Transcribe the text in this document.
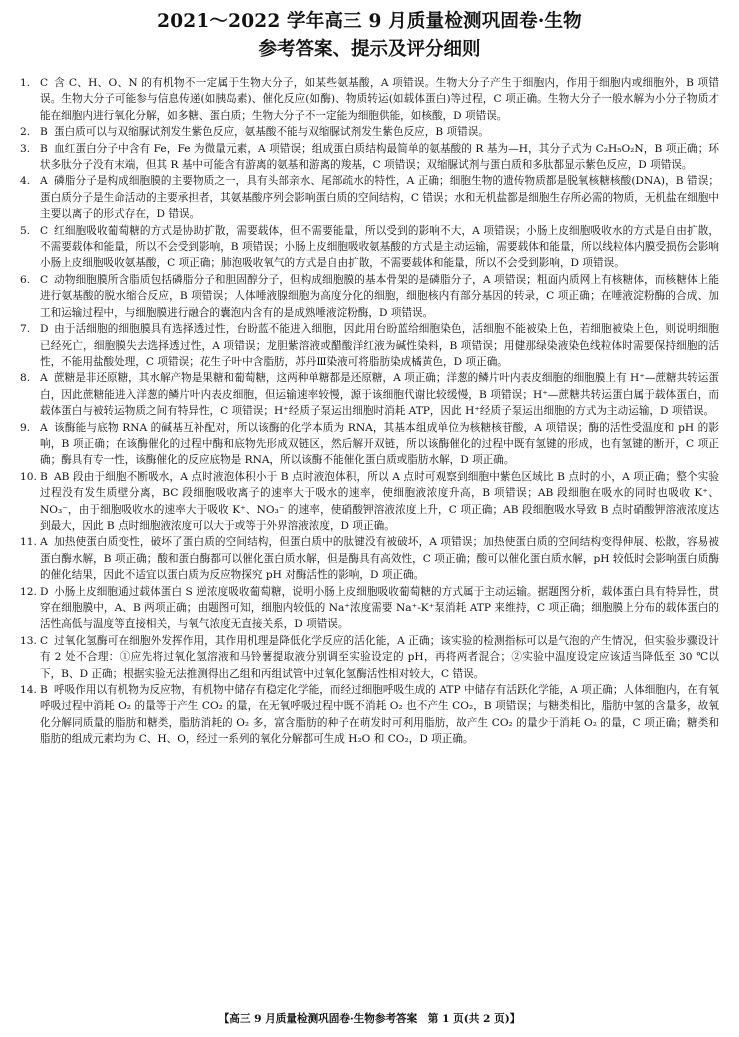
2021～2022 学年高三 9 月质量检测巩固卷·生物
参考答案、提示及评分细则

1. C 含 C、H、O、N 的有机物不一定属于生物大分子，如某些氨基酸，A 项错误。生物大分子产生于细胞内，作用于细胞内或细胞外，B 项错误。生物大分子可能参与信息传递(如胰岛素)、催化反应(如酶)、物质转运(如载体蛋白)等过程，C 项正确。生物大分子一般水解为小分子物质才能在细胞内进行氧化分解，如多糖、蛋白质；生物大分子不一定能为细胞供能，如核酸，D 项错误。

2. B 蛋白质可以与双缩脲试剂发生紫色反应，氨基酸不能与双缩脲试剂发生紫色反应，B 项错误。

3. B 血红蛋白分子中含有 Fe，Fe 为微量元素，A 项错误；组成蛋白质结构最简单的氨基酸的 R 基为—H，其分子式为 C₂H₅O₂N，B 项正确；环状多肽分子没有末端，但其 R 基中可能含有游离的氨基和游离的羧基，C 项错误；双缩脲试剂与蛋白质和多肽都显示紫色反应，D 项错误。

4. A 磷脂分子是构成细胞膜的主要物质之一，具有头部亲水、尾部疏水的特性，A 正确；细胞生物的遗传物质都是脱氧核糖核酸(DNA)，B 错误；蛋白质分子是生命活动的主要承担者，其氨基酸序列会影响蛋白质的空间结构，C 错误；水和无机盐都是细胞生存所必需的物质，无机盐在细胞中主要以离子的形式存在，D 错误。

5. C 红细胞吸收葡萄糖的方式是协助扩散，需要载体，但不需要能量，所以受到的影响不大，A 项错误；小肠上皮细胞吸收水的方式是自由扩散，不需要载体和能量，所以不会受到影响，B 项错误；小肠上皮细胞吸收氨基酸的方式是主动运输，需要载体和能量，所以线粒体内膜受损伤会影响小肠上皮细胞吸收氨基酸，C 项正确；肺泡吸收氧气的方式是自由扩散，不需要载体和能量，所以不会受到影响，D 项错误。

6. C 动物细胞膜所含脂质包括磷脂分子和胆固醇分子，但构成细胞膜的基本骨架的是磷脂分子，A 项错误；粗面内质网上有核糖体，而核糖体上能进行氨基酸的脱水缩合反应，B 项错误；人体唾液腺细胞为高度分化的细胞，细胞核内有部分基因的转录，C 项正确；在唾液淀粉酶的合成、加工和运输过程中，与细胞膜进行融合的囊泡内含有的是成熟唾液淀粉酶，D 项错误。

7. D 由于活细胞的细胞膜具有选择透过性，台盼蓝不能进入细胞，因此用台盼蓝给细胞染色，活细胞不能被染上色，若细胞被染上色，则说明细胞已经死亡，细胞膜失去选择透过性，A 项错误；龙胆紫溶液或醋酸洋红液为碱性染料，B 项错误；用健那绿染液染色线粒体时需要保持细胞的活性，不能用盐酸处理，C 项错误；花生子叶中含脂肪，苏丹Ⅲ染液可将脂肪染成橘黄色，D 项正确。

8. A 蔗糖是非还原糖，其水解产物是果糖和葡萄糖，这两种单糖都是还原糖，A 项正确；洋葱的鳞片叶内表皮细胞的细胞膜上有 H⁺—蔗糖共转运蛋白，因此蔗糖能进入洋葱的鳞片叶内表皮细胞，但运输速率较慢，源于该细胞代谢比较缓慢，B 项错误；H⁺—蔗糖共转运蛋白属于载体蛋白，而载体蛋白与被转运物质之间有特异性，C 项错误；H⁺经质子泵运出细胞时消耗 ATP，因此 H⁺经质子泵运出细胞的方式为主动运输，D 项错误。

9. A 该酶能与底物 RNA 的碱基互补配对，所以该酶的化学本质为 RNA，其基本组成单位为核糖核苷酸，A 项错误；酶的活性受温度和 pH 的影响，B 项正确；在该酶催化的过程中酶和底物先形成双链区，然后解开双链，所以该酶催化的过程中既有氢键的形成，也有氢键的断开，C 项正确；酶具有专一性，该酶催化的反应底物是 RNA，所以该酶不能催化蛋白质或脂肪水解，D 项正确。

10. B AB 段由于细胞不断吸水，A 点时液泡体积小于 B 点时液泡体积，所以 A 点时可观察到细胞中紫色区域比 B 点时的小，A 项正确；整个实验过程没有发生质壁分离，BC 段细胞吸收离子的速率大于吸水的速率，使细胞液浓度升高，B 项错误；AB 段细胞在吸水的同时也吸收 K⁺、NO₃⁻，由于细胞吸收水的速率大于吸收 K⁺、NO₃⁻ 的速率，使硝酸钾溶液浓度上升，C 项正确；AB 段细胞吸水导致 B 点时硝酸钾溶液浓度达到最大，因此 B 点时细胞液浓度可以大于或等于外界溶液浓度，D 项正确。

11. A 加热使蛋白质变性，破坏了蛋白质的空间结构，但蛋白质中的肽键没有被破坏，A 项错误；加热使蛋白质的空间结构变得伸展、松散，容易被蛋白酶水解，B 项正确；酸和蛋白酶都可以催化蛋白质水解，但是酶具有高效性，C 项正确；酸可以催化蛋白质水解，pH 较低时会影响蛋白质酶的催化结果，因此不适宜以蛋白质为反应物探究 pH 对酶活性的影响，D 项正确。

12. D 小肠上皮细胞通过载体蛋白 S 逆浓度吸收葡萄糖，说明小肠上皮细胞吸收葡萄糖的方式属于主动运输。据题图分析，载体蛋白具有特异性，贯穿在细胞膜中，A、B 两项正确；由题图可知，细胞内较低的 Na⁺浓度需要 Na⁺-K⁺泵消耗 ATP 来维持，C 项正确；细胞膜上分布的载体蛋白的活性高低与温度等直接相关，与氧气浓度无直接关系，D 项错误。

13. C 过氧化氢酶可在细胞外发挥作用，其作用机理是降低化学反应的活化能，A 正确；该实验的检测指标可以是气泡的产生情况，但实验步骤设计有 2 处不合理：①应先将过氧化氢溶液和马铃薯提取液分别调至实验设定的 pH，再将两者混合；②实验中温度设定应该适当降低至 30 ℃以下，B、D 正确；根据实验无法推测得出乙组和丙组试管中过氧化氢酶活性相对较大，C 错误。

14. B 呼吸作用以有机物为反应物，有机物中储存有稳定化学能，而经过细胞呼吸生成的 ATP 中储存有活跃化学能，A 项正确；人体细胞内，在有氧呼吸过程中消耗 O₂ 的量等于产生 CO₂ 的量，在无氧呼吸过程中既不消耗 O₂ 也不产生 CO₂，B 项错误；与糖类相比，脂肪中氢的含量多，故氧化分解同质量的脂肪和糖类，脂肪消耗的 O₂ 多，富含脂肪的种子在萌发时可利用脂肪，故产生 CO₂ 的量少于消耗 O₂ 的量，C 项正确；糖类和脂肪的组成元素均为 C、H、O，经过一系列的氧化分解都可生成 H₂O 和 CO₂，D 项正确。

【高三 9 月质量检测巩固卷·生物参考答案　第 1 页(共 2 页)】
